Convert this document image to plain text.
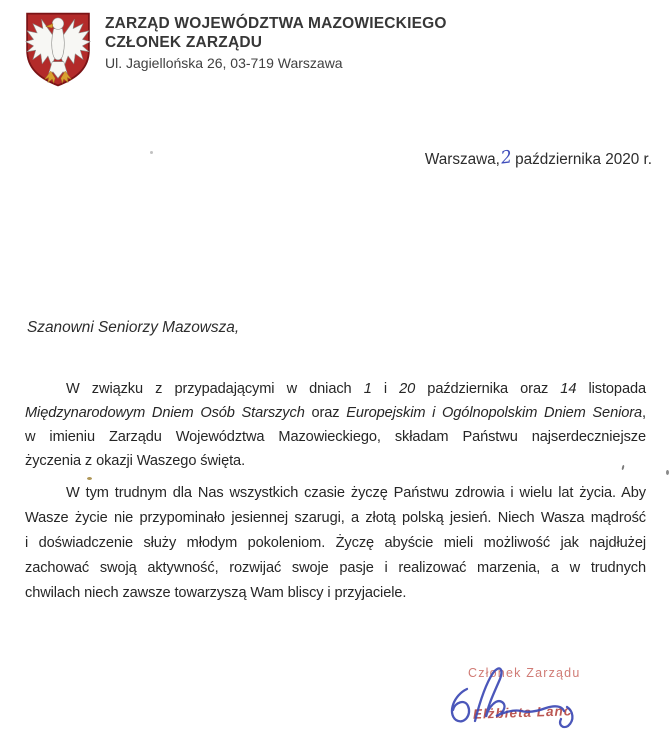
ZARZĄD WOJEWÓDZTWA MAZOWIECKIEGO
CZŁONEK ZARZĄDU
Ul. Jagiellońska 26, 03-719 Warszawa
Warszawa,2 października 2020 r.
Szanowni Seniorzy Mazowsza,
W związku z przypadającymi w dniach 1 i 20 października oraz 14 listopada
Międzynarodowym Dniem Osób Starszych oraz Europejskim i Ogólnopolskim Dniem Seniora,
w imieniu Zarządu Województwa Mazowieckiego, składam Państwu najserdeczniejsze
życzenia z okazji Waszego święta.
W tym trudnym dla Nas wszystkich czasie życzę Państwu zdrowia i wielu lat życia. Aby
Wasze życie nie przypominało jesiennej szarugi, a złotą polską jesień. Niech Wasza mądrość
i doświadczenie służy młodym pokoleniom. Życzę abyście mieli możliwość jak najdłużej
zachować swoją aktywność, rozwijać swoje pasje i realizować marzenia, a w trudnych
chwilach niech zawsze towarzyszą Wam bliscy i przyjaciele.
Członek Zarządu
Elżbieta Lanc
